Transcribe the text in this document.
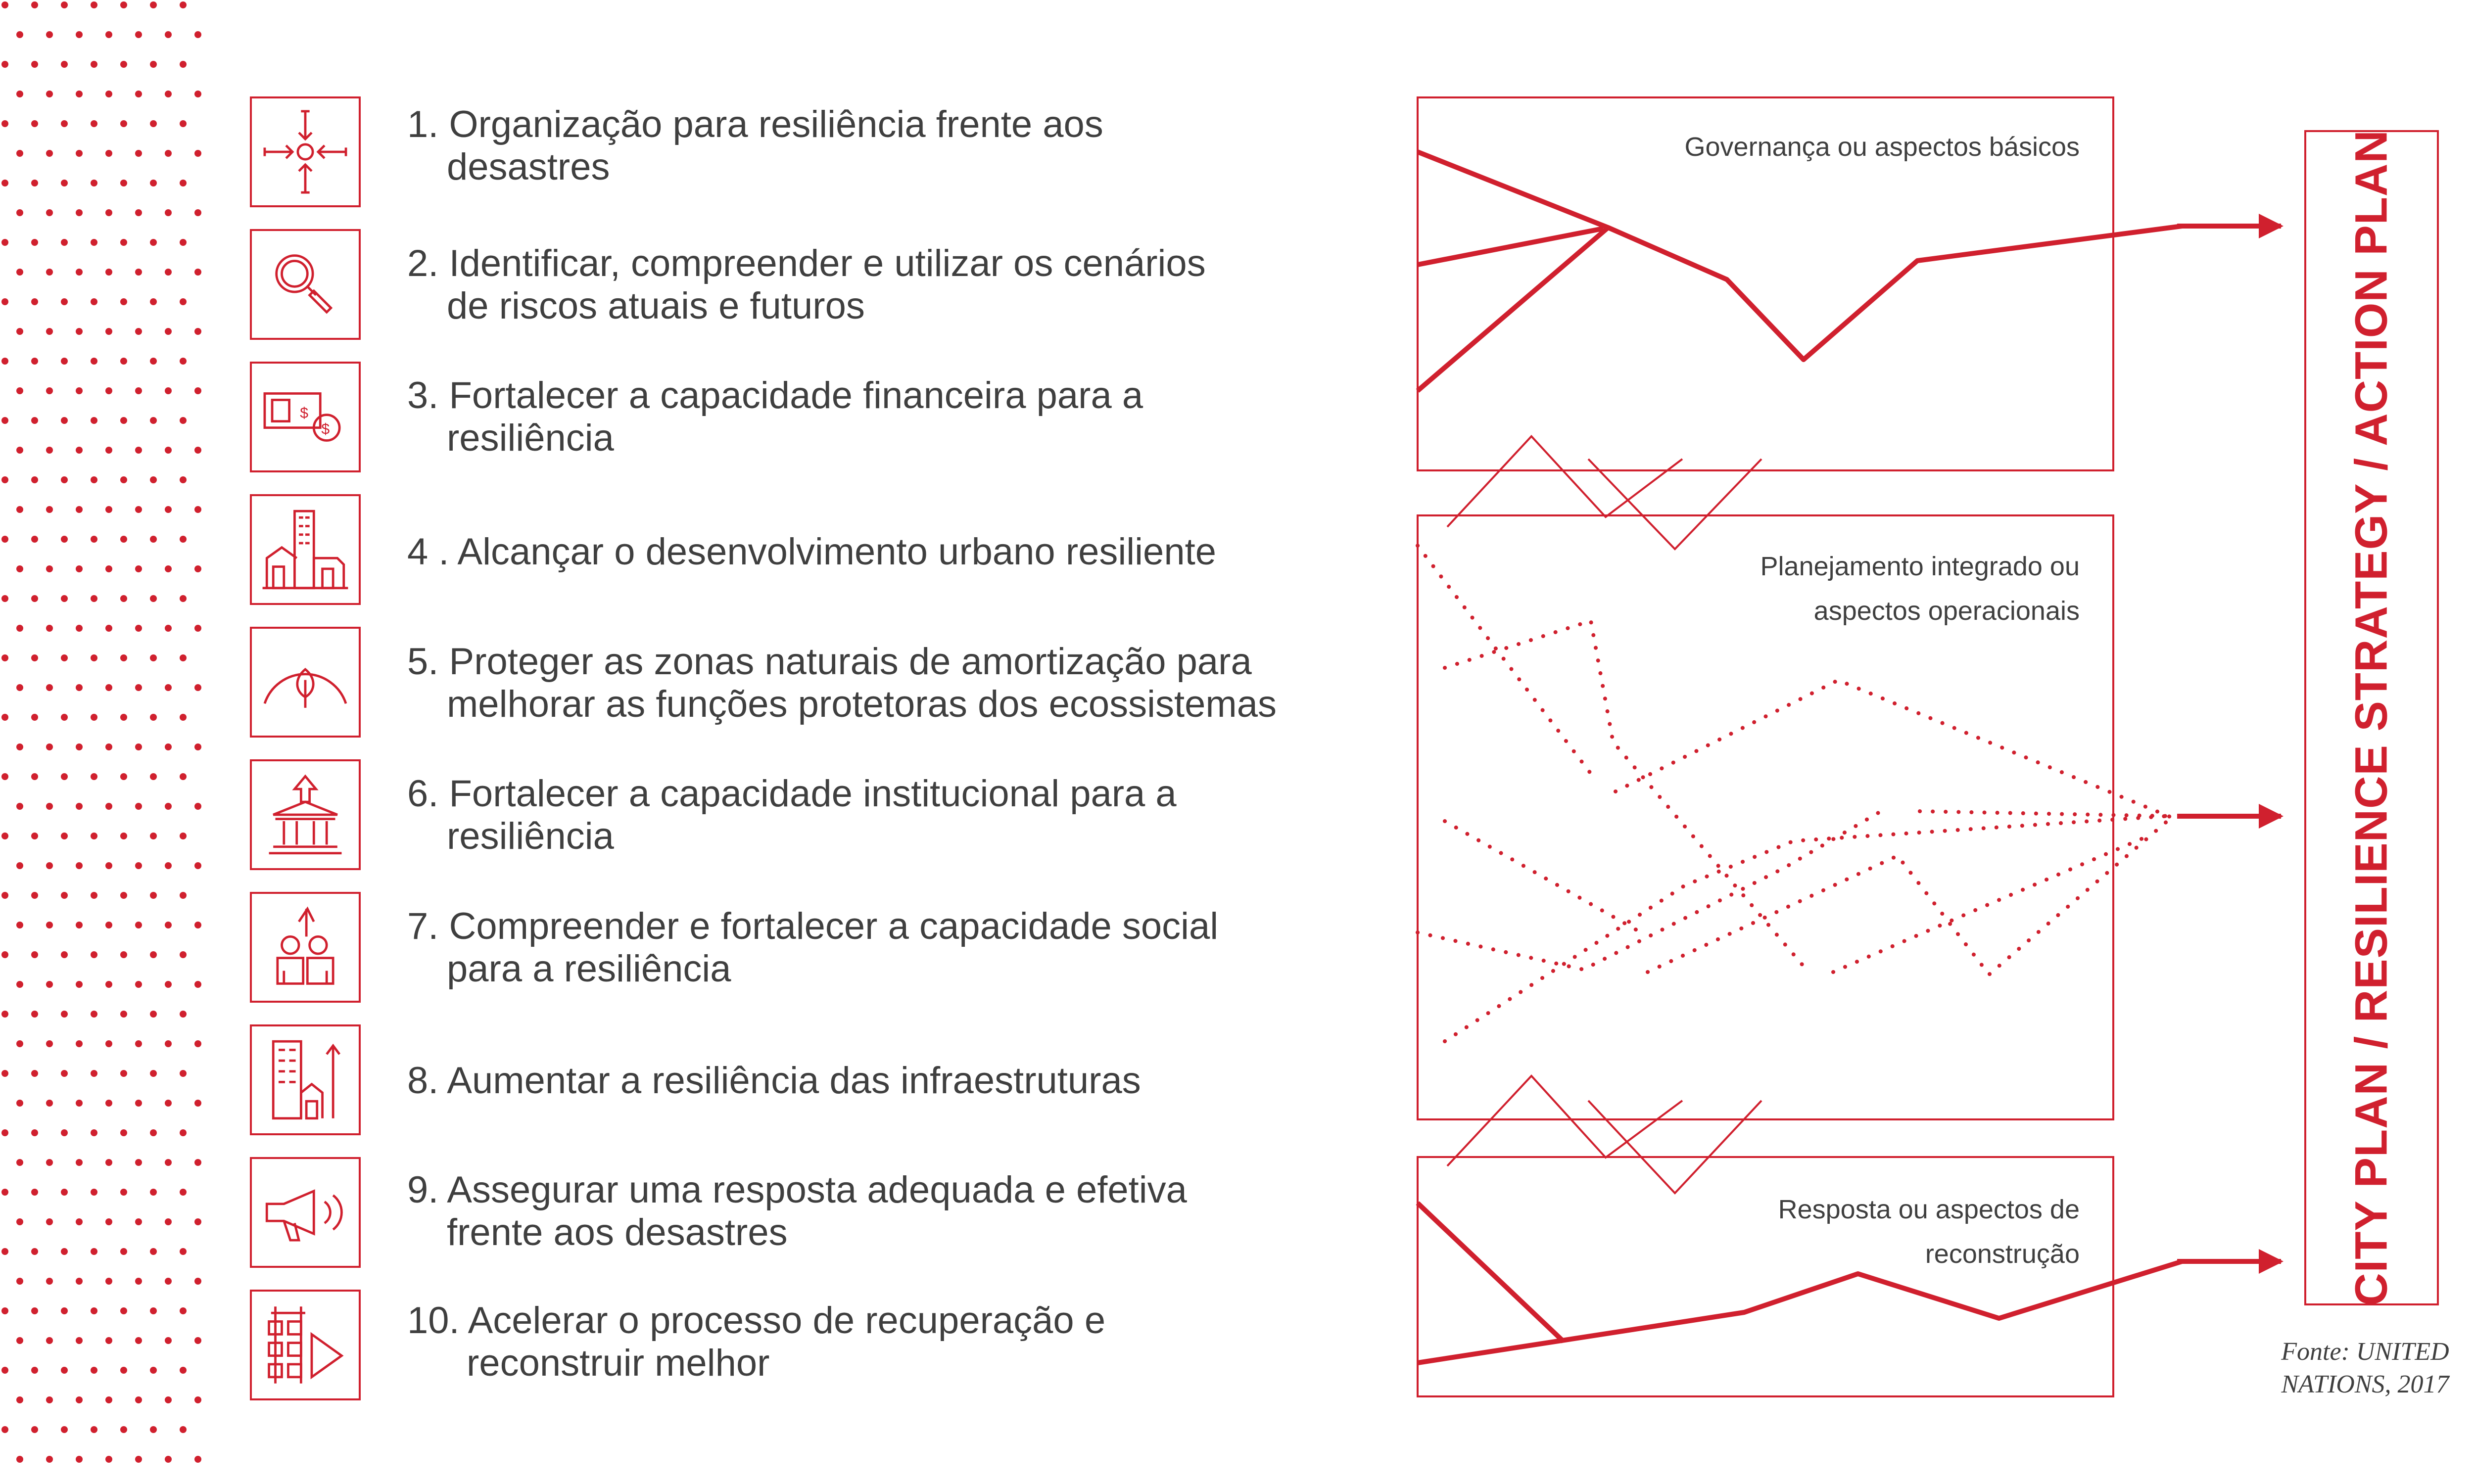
$
$
1. Organização para resiliência frente aos
desastres
2. Identificar, compreender e utilizar os cenários
de riscos atuais e futuros
3. Fortalecer a capacidade financeira para a
resiliência
4 . Alcançar o desenvolvimento urbano resiliente
5. Proteger as zonas naturais de amortização para
melhorar as funções protetoras dos ecossistemas
6. Fortalecer a capacidade institucional para a
resiliência
7. Compreender e fortalecer a capacidade social
para a resiliência
8. Aumentar a resiliência das infraestruturas
9. Assegurar uma resposta adequada e efetiva
frente aos desastres
10. Acelerar o processo de recuperação e
reconstruir melhor
Governança ou aspectos básicos
Planejamento integrado ou
aspectos operacionais
Resposta ou aspectos de
reconstrução	CITY PLAN / RESILIENCE STRATEGY / ACTION PLAN
Fonte: UNITED
NATIONS, 2017
